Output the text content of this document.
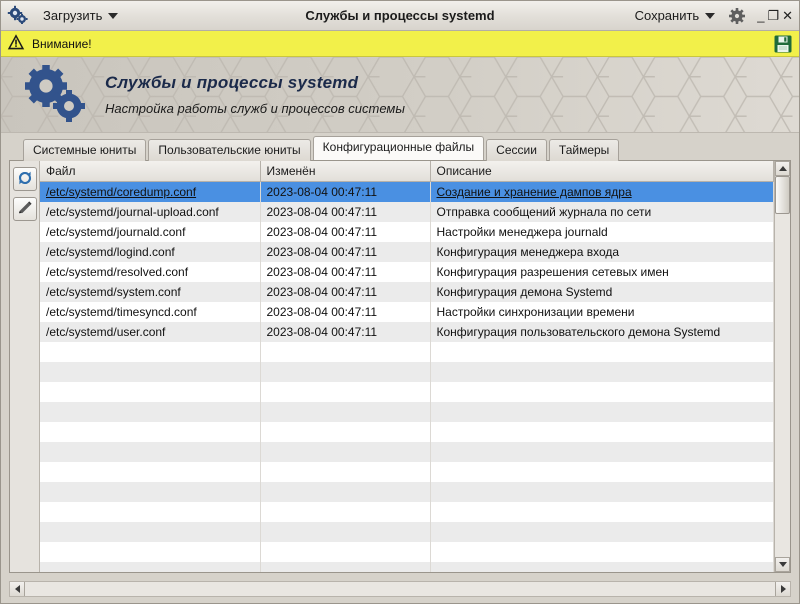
Загрузить	Службы и процессы systemd	Сохранить	_ ❐ ✕
Внимание!
Службы и процессы systemd
Настройка работы служб и процессов системы
Системные юниты	Пользовательские юниты	Конфигурационные файлы	Сессии	Таймеры
Файл	Изменён	Описание
/etc/systemd/coredump.conf	2023-08-04 00:47:11	Создание и хранение дампов ядра
/etc/systemd/journal-upload.conf	2023-08-04 00:47:11	Отправка сообщений журнала по сети
/etc/systemd/journald.conf	2023-08-04 00:47:11	Настройки менеджера journald
/etc/systemd/logind.conf	2023-08-04 00:47:11	Конфигурация менеджера входа
/etc/systemd/resolved.conf	2023-08-04 00:47:11	Конфигурация разрешения сетевых имен
/etc/systemd/system.conf	2023-08-04 00:47:11	Конфигурация демона Systemd
/etc/systemd/timesyncd.conf	2023-08-04 00:47:11	Настройки синхронизации времени
/etc/systemd/user.conf	2023-08-04 00:47:11	Конфигурация пользовательского демона Systemd
